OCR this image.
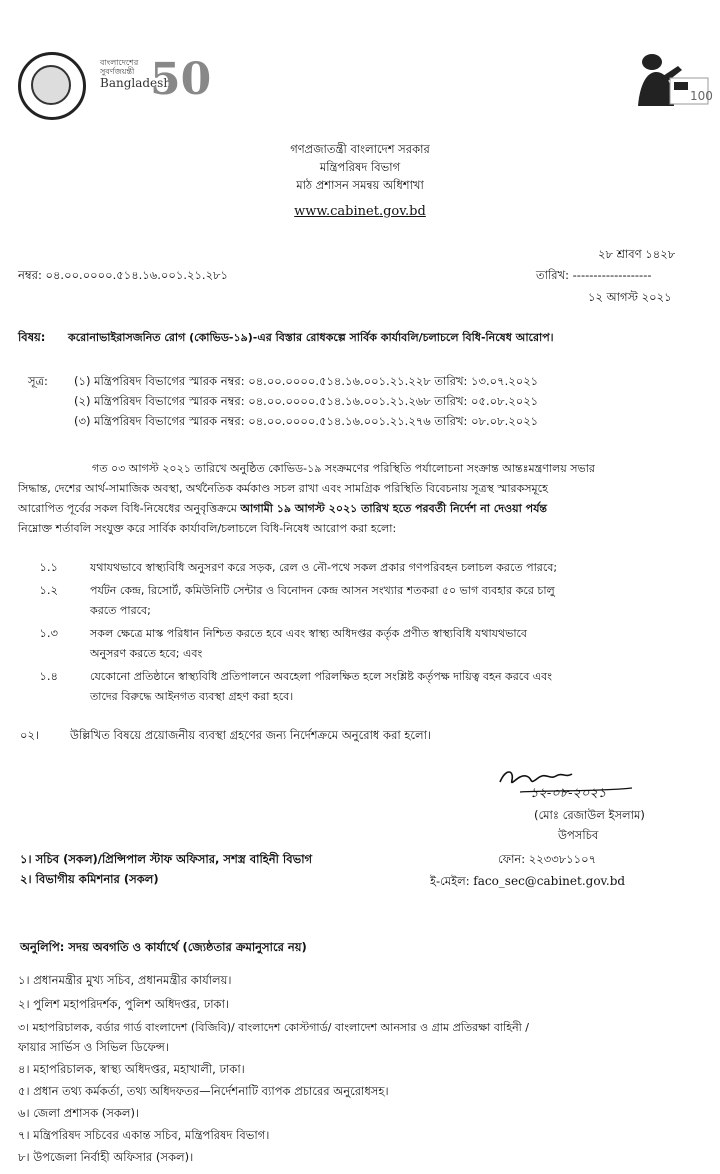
বাংলাদেশের
সুবর্ণজয়ন্তী
Bangladesh
50	100
গণপ্রজাতন্ত্রী বাংলাদেশ সরকার
মন্ত্রিপরিষদ বিভাগ
মাঠ প্রশাসন সমন্বয় অধিশাখা
www.cabinet.gov.bd
২৮ শ্রাবণ ১৪২৮
নম্বর: ০৪.০০.০০০০.৫১৪.১৬.০০১.২১.২৮১	তারিখ: -------------------
১২ আগস্ট ২০২১
বিষয়: করোনাভাইরাসজনিত রোগ (কোভিড-১৯)-এর বিস্তার রোধকল্পে সার্বিক কার্যাবলি/চলাচলে বিধি-নিষেধ আরোপ।
সূত্র: (১) মন্ত্রিপরিষদ বিভাগের স্মারক নম্বর: ০৪.০০.০০০০.৫১৪.১৬.০০১.২১.২২৮ তারিখ: ১৩.০৭.২০২১
(২) মন্ত্রিপরিষদ বিভাগের স্মারক নম্বর: ০৪.০০.০০০০.৫১৪.১৬.০০১.২১.২৬৮ তারিখ: ০৫.০৮.২০২১
(৩) মন্ত্রিপরিষদ বিভাগের স্মারক নম্বর: ০৪.০০.০০০০.৫১৪.১৬.০০১.২১.২৭৬ তারিখ: ০৮.০৮.২০২১
গত ০৩ আগস্ট ২০২১ তারিখে অনুষ্ঠিত কোভিড-১৯ সংক্রমণের পরিস্থিতি পর্যালোচনা সংক্রান্ত আন্তঃমন্ত্রণালয় সভার
সিদ্ধান্ত, দেশের আর্থ-সামাজিক অবস্থা, অর্থনৈতিক কর্মকাণ্ড সচল রাখা এবং সামগ্রিক পরিস্থিতি বিবেচনায় সূত্রস্থ স্মারকসমূহে
আরোপিত পূর্বের সকল বিধি-নিষেধের অনুবৃত্তিক্রমে আগামী ১৯ আগস্ট ২০২১ তারিখ হতে পরবর্তী নির্দেশ না দেওয়া পর্যন্ত
নিম্নোক্ত শর্তাবলি সংযুক্ত করে সার্বিক কার্যাবলি/চলাচলে বিধি-নিষেধ আরোপ করা হলো:
১.১	যথাযথভাবে স্বাস্থ্যবিধি অনুসরণ করে সড়ক, রেল ও নৌ-পথে সকল প্রকার গণপরিবহন চলাচল করতে পারবে;
১.২	পর্যটন কেন্দ্র, রিসোর্ট, কমিউনিটি সেন্টার ও বিনোদন কেন্দ্র আসন সংখ্যার শতকরা ৫০ ভাগ ব্যবহার করে চালু
করতে পারবে;
১.৩	সকল ক্ষেত্রে মাস্ক পরিধান নিশ্চিত করতে হবে এবং স্বাস্থ্য অধিদপ্তর কর্তৃক প্রণীত স্বাস্থ্যবিধি যথাযথভাবে
অনুসরণ করতে হবে; এবং
১.৪	যেকোনো প্রতিষ্ঠানে স্বাস্থ্যবিধি প্রতিপালনে অবহেলা পরিলক্ষিত হলে সংশ্লিষ্ট কর্তৃপক্ষ দায়িত্ব বহন করবে এবং
তাদের বিরুদ্ধে আইনগত ব্যবস্থা গ্রহণ করা হবে।
০২।	উল্লিখিত বিষয়ে প্রয়োজনীয় ব্যবস্থা গ্রহণের জন্য নির্দেশক্রমে অনুরোধ করা হলো।
১২-০৮-২০২১
(মোঃ রেজাউল ইসলাম)
উপসচিব
ফোন: ২২৩৩৮১১০৭
ই-মেইল: faco_sec@cabinet.gov.bd
১। সচিব (সকল)/প্রিন্সিপাল স্টাফ অফিসার, সশস্ত্র বাহিনী বিভাগ
২। বিভাগীয় কমিশনার (সকল)
অনুলিপি: সদয় অবগতি ও কার্যার্থে (জ্যেষ্ঠতার ক্রমানুসারে নয়)
১। প্রধানমন্ত্রীর মুখ্য সচিব, প্রধানমন্ত্রীর কার্যালয়।
২। পুলিশ মহাপরিদর্শক, পুলিশ অধিদপ্তর, ঢাকা।
৩। মহাপরিচালক, বর্ডার গার্ড বাংলাদেশ (বিজিবি)/ বাংলাদেশ কোস্টগার্ড/ বাংলাদেশ আনসার ও গ্রাম প্রতিরক্ষা বাহিনী /
ফায়ার সার্ভিস ও সিভিল ডিফেন্স।
৪। মহাপরিচালক, স্বাস্থ্য অধিদপ্তর, মহাখালী, ঢাকা।
৫। প্রধান তথ্য কর্মকর্তা, তথ্য অধিদফতর—নির্দেশনাটি ব্যাপক প্রচারের অনুরোধসহ।
৬। জেলা প্রশাসক (সকল)।
৭। মন্ত্রিপরিষদ সচিবের একান্ত সচিব, মন্ত্রিপরিষদ বিভাগ।
৮। উপজেলা নির্বাহী অফিসার (সকল)।
